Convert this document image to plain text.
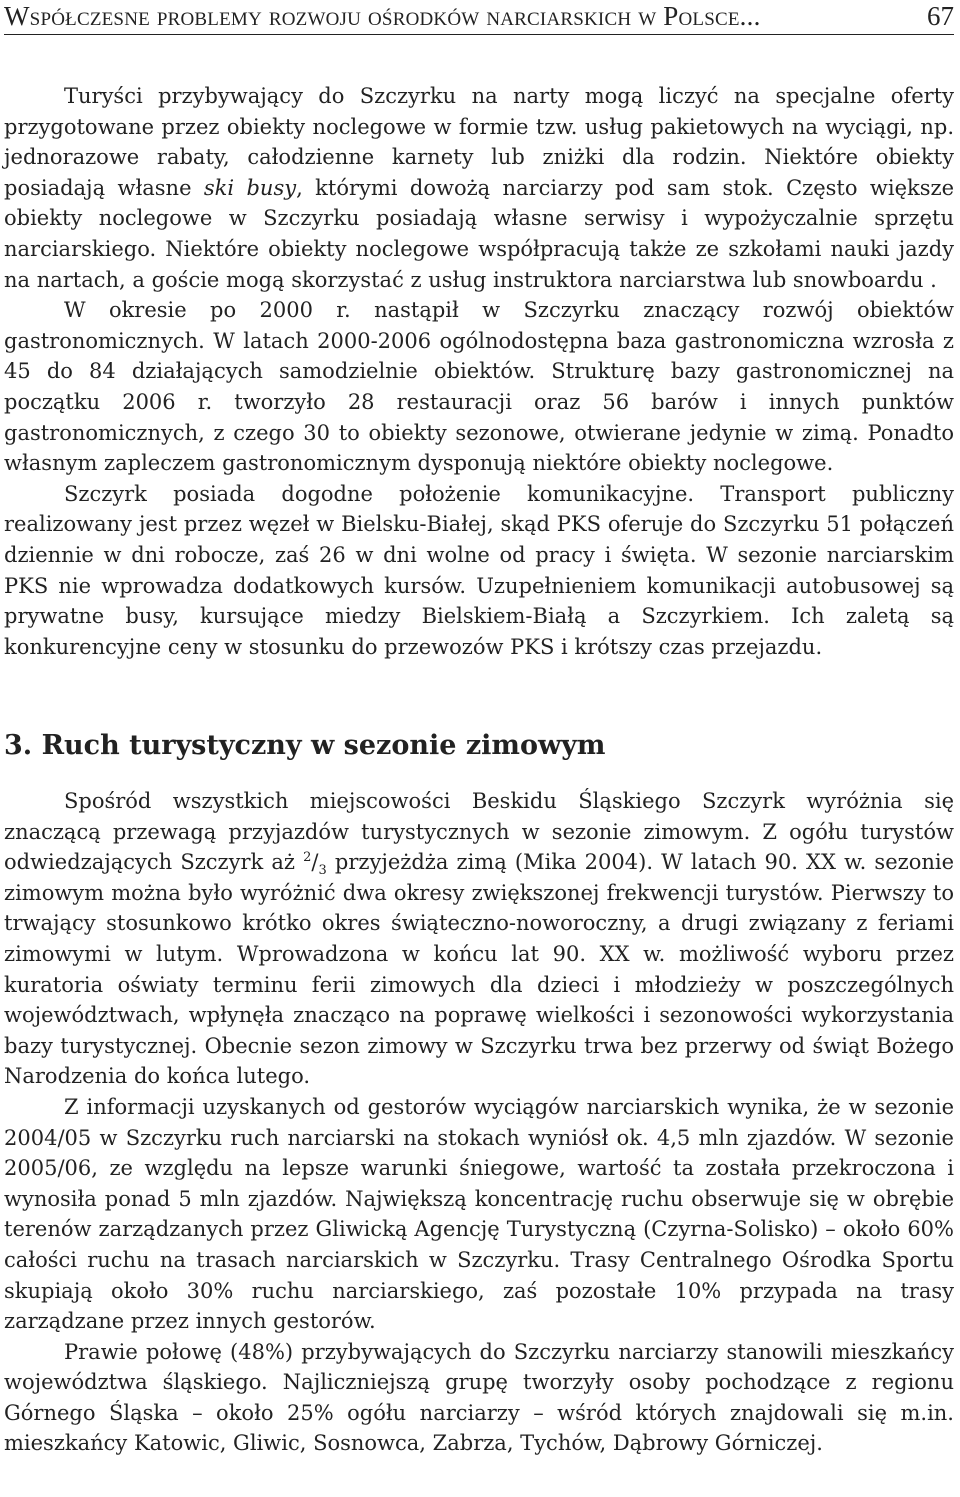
Współczesne problemy rozwoju ośrodków narciarskich w Polsce...	67

Turyści przybywający do Szczyrku na narty mogą liczyć na specjalne oferty przygotowane przez obiekty noclegowe w formie tzw. usług pakietowych na wyciągi, np. jednorazowe rabaty, całodzienne karnety lub zniżki dla rodzin. Niektóre obiekty posiadają własne ski busy, którymi dowożą narciarzy pod sam stok. Często większe obiekty noclegowe w Szczyrku posiadają własne serwisy i wypożyczalnie sprzętu narciarskiego. Niektóre obiekty noclegowe współpracują także ze szkołami nauki jazdy na nartach, a goście mogą skorzystać z usług instruktora narciarstwa lub snowboardu .

W okresie po 2000 r. nastąpił w Szczyrku znaczący rozwój obiektów gastronomicznych. W latach 2000-2006 ogólnodostępna baza gastronomiczna wzrosła z 45 do 84 działających samodzielnie obiektów. Strukturę bazy gastronomicznej na początku 2006 r. tworzyło 28 restauracji oraz 56 barów i innych punktów gastronomicznych, z czego 30 to obiekty sezonowe, otwierane jedynie w zimą. Ponadto własnym zapleczem gastronomicznym dysponują niektóre obiekty noclegowe.

Szczyrk posiada dogodne położenie komunikacyjne. Transport publiczny realizowany jest przez węzeł w Bielsku-Białej, skąd PKS oferuje do Szczyrku 51 połączeń dziennie w dni robocze, zaś 26 w dni wolne od pracy i święta. W sezonie narciarskim PKS nie wprowadza dodatkowych kursów. Uzupełnieniem komunikacji autobusowej są prywatne busy, kursujące miedzy Bielskiem-Białą a Szczyrkiem. Ich zaletą są konkurencyjne ceny w stosunku do przewozów PKS i krótszy czas przejazdu.

3. Ruch turystyczny w sezonie zimowym

Spośród wszystkich miejscowości Beskidu Śląskiego Szczyrk wyróżnia się znaczącą przewagą przyjazdów turystycznych w sezonie zimowym. Z ogółu turystów odwiedzających Szczyrk aż $^2/_3$ przyjeżdża zimą (Mika 2004). W latach 90. XX w. sezonie zimowym można było wyróżnić dwa okresy zwiększonej frekwencji turystów. Pierwszy to trwający stosunkowo krótko okres świąteczno-noworoczny, a drugi związany z feriami zimowymi w lutym. Wprowadzona w końcu lat 90. XX w. możliwość wyboru przez kuratoria oświaty terminu ferii zimowych dla dzieci i młodzieży w poszczególnych województwach, wpłynęła znacząco na poprawę wielkości i sezonowości wykorzystania bazy turystycznej. Obecnie sezon zimowy w Szczyrku trwa bez przerwy od świąt Bożego Narodzenia do końca lutego.

Z informacji uzyskanych od gestorów wyciągów narciarskich wynika, że w sezonie 2004/05 w Szczyrku ruch narciarski na stokach wyniósł ok. 4,5 mln zjazdów. W sezonie 2005/06, ze względu na lepsze warunki śniegowe, wartość ta została przekroczona i wynosiła ponad 5 mln zjazdów. Największą koncentrację ruchu obserwuje się w obrębie terenów zarządzanych przez Gliwicką Agencję Turystyczną (Czyrna-Solisko) – około 60% całości ruchu na trasach narciarskich w Szczyrku. Trasy Centralnego Ośrodka Sportu skupiają około 30% ruchu narciarskiego, zaś pozostałe 10% przypada na trasy zarządzane przez innych gestorów.

Prawie połowę (48%) przybywających do Szczyrku narciarzy stanowili mieszkańcy województwa śląskiego. Najliczniejszą grupę tworzyły osoby pochodzące z regionu Górnego Śląska – około 25% ogółu narciarzy – wśród których znajdowali się m.in. mieszkańcy Katowic, Gliwic, Sosnowca, Zabrza, Tychów, Dąbrowy Górniczej.
